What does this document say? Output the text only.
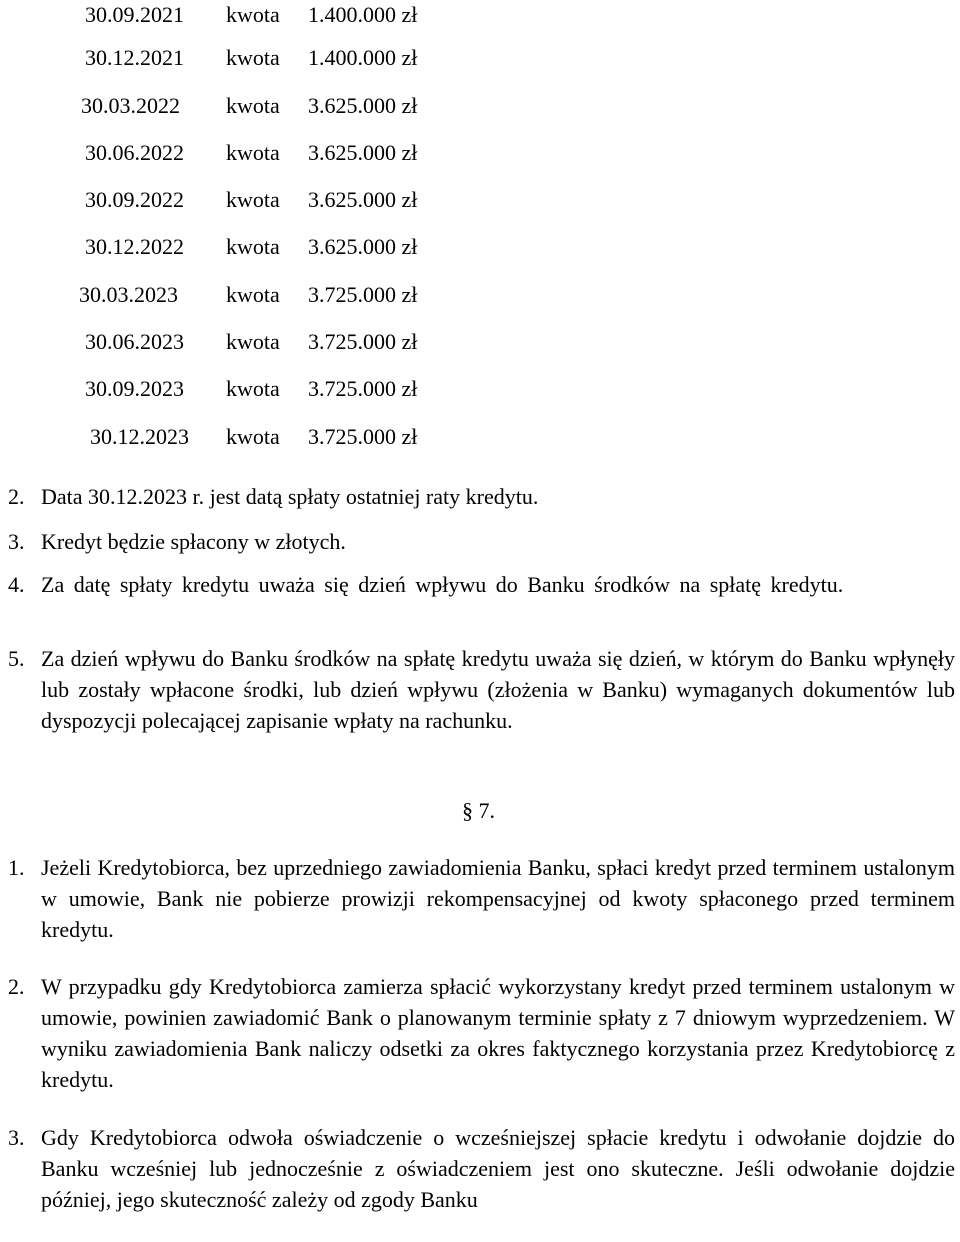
30.09.2021 kwota 1.400.000 zł
30.12.2021 kwota 1.400.000 zł
30.03.2022 kwota 3.625.000 zł
30.06.2022 kwota 3.625.000 zł
30.09.2022 kwota 3.625.000 zł
30.12.2022 kwota 3.625.000 zł
30.03.2023 kwota 3.725.000 zł
30.06.2023 kwota 3.725.000 zł
30.09.2023 kwota 3.725.000 zł
30.12.2023 kwota 3.725.000 zł
2. Data 30.12.2023 r. jest datą spłaty ostatniej raty kredytu.
3. Kredyt będzie spłacony w złotych.
4. Za datę spłaty kredytu uważa się dzień wpływu do Banku środków na spłatę kredytu.
5. Za dzień wpływu do Banku środków na spłatę kredytu uważa się dzień, w którym do Banku wpłynęły lub zostały wpłacone środki, lub dzień wpływu (złożenia w Banku) wymaganych dokumentów lub dyspozycji polecającej zapisanie wpłaty na rachunku.
§ 7.
1. Jeżeli Kredytobiorca, bez uprzedniego zawiadomienia Banku, spłaci kredyt przed terminem ustalonym w umowie, Bank nie pobierze prowizji rekompensacyjnej od kwoty spłaconego przed terminem kredytu.
2. W przypadku gdy Kredytobiorca zamierza spłacić wykorzystany kredyt przed terminem ustalonym w umowie, powinien zawiadomić Bank o planowanym terminie spłaty z 7 dniowym wyprzedzeniem. W wyniku zawiadomienia Bank naliczy odsetki za okres faktycznego korzystania przez Kredytobiorcę z kredytu.
3. Gdy Kredytobiorca odwoła oświadczenie o wcześniejszej spłacie kredytu i odwołanie dojdzie do Banku wcześniej lub jednocześnie z oświadczeniem jest ono skuteczne. Jeśli odwołanie dojdzie później, jego skuteczność zależy od zgody Banku
